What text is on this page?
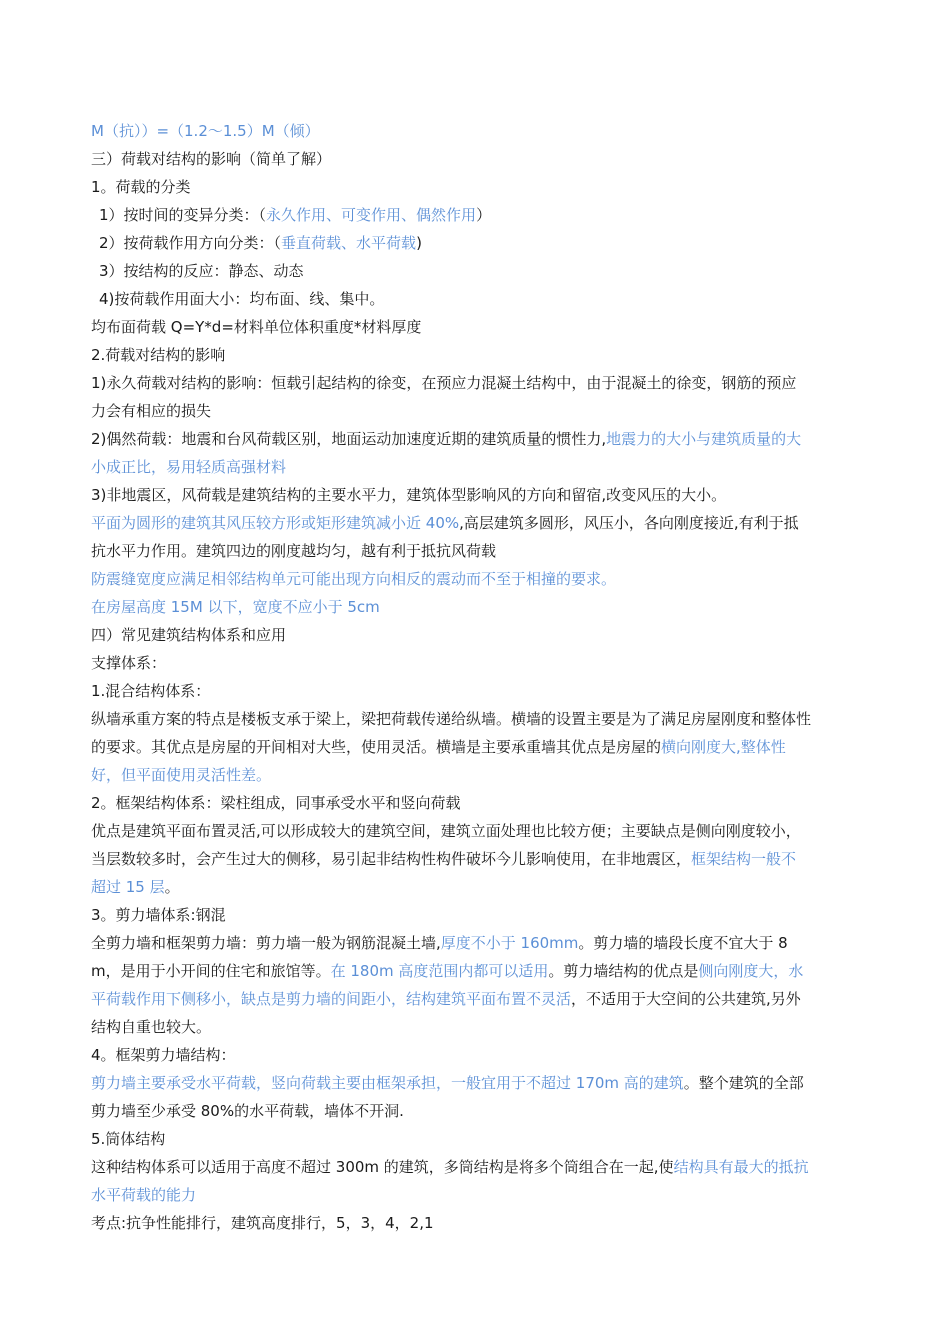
M（抗））=（1.2～1.5）M（倾）
三）荷载对结构的影响（简单了解）
1。荷载的分类
1）按时间的变异分类：（永久作用、可变作用、偶然作用）
2）按荷载作用方向分类：（垂直荷载、水平荷载)
3）按结构的反应：静态、动态
4)按荷载作用面大小：均布面、线、集中。
均布面荷载 Q=Y*d=材料单位体积重度*材料厚度
2.荷载对结构的影响
1)永久荷载对结构的影响：恒载引起结构的徐变，在预应力混凝土结构中，由于混凝土的徐变，钢筋的预应力会有相应的损失
2)偶然荷载：地震和台风荷载区别，地面运动加速度近期的建筑质量的惯性力,地震力的大小与建筑质量的大小成正比，易用轻质高强材料
3)非地震区，风荷载是建筑结构的主要水平力，建筑体型影响风的方向和留宿,改变风压的大小。
平面为圆形的建筑其风压较方形或矩形建筑减小近 40%,高层建筑多圆形，风压小，各向刚度接近,有利于抵抗水平力作用。建筑四边的刚度越均匀，越有利于抵抗风荷载
防震缝宽度应满足相邻结构单元可能出现方向相反的震动而不至于相撞的要求。
在房屋高度 15M 以下，宽度不应小于 5cm
四）常见建筑结构体系和应用
支撑体系：
1.混合结构体系：
纵墙承重方案的特点是楼板支承于梁上，梁把荷载传递给纵墙。横墙的设置主要是为了满足房屋刚度和整体性的要求。其优点是房屋的开间相对大些，使用灵活。横墙是主要承重墙其优点是房屋的横向刚度大,整体性好，但平面使用灵活性差。
2。框架结构体系：梁柱组成，同事承受水平和竖向荷载
优点是建筑平面布置灵活,可以形成较大的建筑空间，建筑立面处理也比较方便；主要缺点是侧向刚度较小，当层数较多时，会产生过大的侧移，易引起非结构性构件破坏今儿影响使用，在非地震区，框架结构一般不超过 15 层。
3。剪力墙体系:钢混
全剪力墙和框架剪力墙：剪力墙一般为钢筋混凝土墙,厚度不小于 160mm。剪力墙的墙段长度不宜大于 8m，是用于小开间的住宅和旅馆等。在 180m 高度范围内都可以适用。剪力墙结构的优点是侧向刚度大，水平荷载作用下侧移小，缺点是剪力墙的间距小，结构建筑平面布置不灵活，不适用于大空间的公共建筑,另外结构自重也较大。
4。框架剪力墙结构：
剪力墙主要承受水平荷载，竖向荷载主要由框架承担，一般宜用于不超过 170m 高的建筑。整个建筑的全部剪力墙至少承受 80%的水平荷载，墙体不开洞.
5.筒体结构
这种结构体系可以适用于高度不超过 300m 的建筑，多筒结构是将多个筒组合在一起,使结构具有最大的抵抗水平荷载的能力
考点:抗争性能排行，建筑高度排行，5，3，4，2,1
